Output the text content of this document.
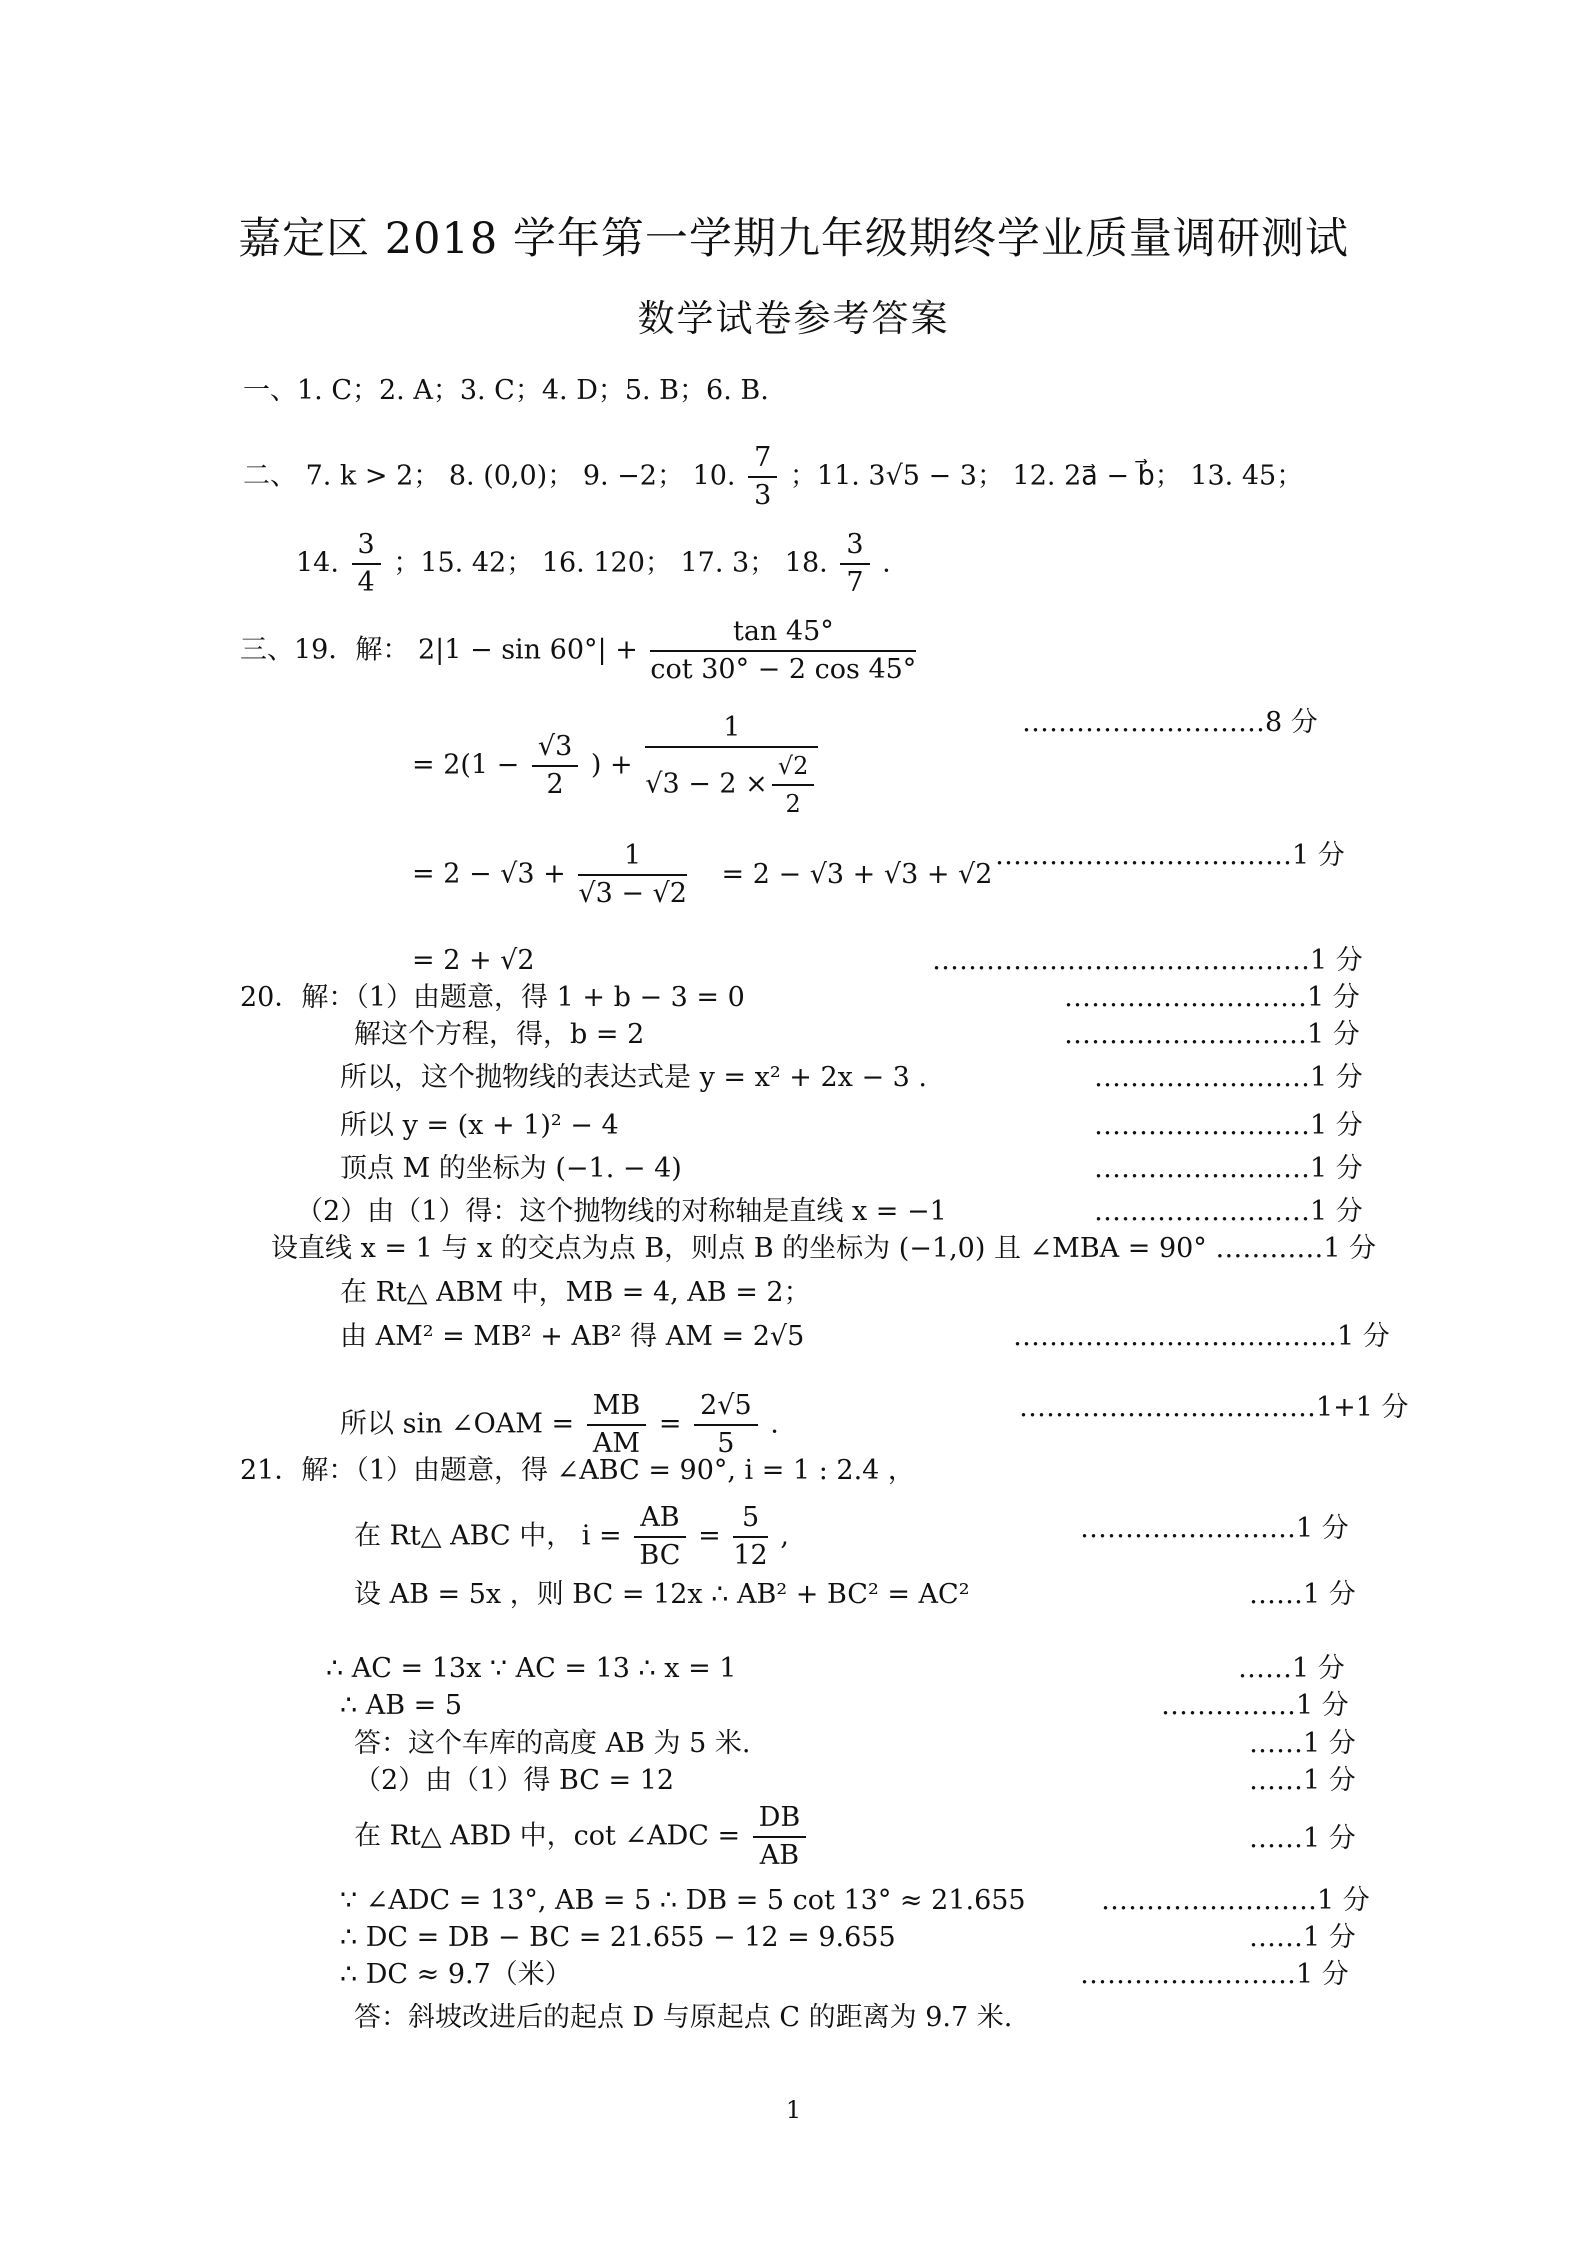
嘉定区 2018 学年第一学期九年级期终学业质量调研测试
数学试卷参考答案
一、1. C；2. A；3. C；4. D；5. B；6. B.
二、 7. k > 2； 8. (0,0)； 9. −2； 10. $\frac{7}{3}$ ；11. 3√5 − 3； 12. 2a⃗ − b⃗； 13. 45；
14. $\frac{3}{4}$ ；15. 42； 16. 120； 17. 3； 18. $\frac{3}{7}$ .
三、19．解： $2|1 - \sin 60^\circ| + \frac{\tan 45^\circ}{\cot 30^\circ - 2 \cos 45^\circ}$
= $2(1 - \frac{√3}{2}$ ) + $\frac{1}{√3 - 2 \times \frac{√2}{2}}$	………………………8 分
= $2 - √3 + \frac{1}{√3 - √2} = 2 - √3 + √3 + √2$
……………………………1 分
= 2 + √2	……………………………………1 分
20．解：（1）由题意，得 1 + b − 3 = 0	………………………1 分
解这个方程，得，b = 2	………………………1 分
所以，这个抛物线的表达式是 y = x² + 2x − 3 .	……………………1 分
所以 y = (x + 1)² − 4	……………………1 分
顶点 M 的坐标为 (−1. − 4)	……………………1 分
（2）由（1）得：这个抛物线的对称轴是直线 x = −1	……………………1 分
设直线 x = 1 与 x 的交点为点 B，则点 B 的坐标为 (−1,0) 且 ∠MBA = 90° …………1 分
在 Rt△ ABM 中，MB = 4, AB = 2；
由 AM² = MB² + AB² 得 AM = 2√5	………………………………1 分
所以 sin ∠OAM = $\frac{MB}{AM} = \frac{2√5}{5}$ .
……………………………1+1 分
21．解：（1）由题意，得 ∠ABC = 90°, i = 1 : 2.4 ，
在 Rt△ ABC 中， $i = \frac{AB}{BC} = \frac{5}{12}$ ,	……………………1 分
设 AB = 5x ，则 BC = 12x ∴ AB² + BC² = AC²	……1 分
∴ AC = 13x ∵ AC = 13 ∴ x = 1	……1 分
∴ AB = 5	……………1 分
答：这个车库的高度 AB 为 5 米.	……1 分
（2）由（1）得 BC = 12	……1 分
在 Rt△ ABD 中，cot ∠ADC = $\frac{DB}{AB}$	……1 分
∵ ∠ADC = 13°, AB = 5 ∴ DB = 5 cot 13° ≈ 21.655	……………………1 分
∴ DC = DB − BC = 21.655 − 12 = 9.655	……1 分
∴ DC ≈ 9.7（米）	……………………1 分
答：斜坡改进后的起点 D 与原起点 C 的距离为 9.7 米.
1
